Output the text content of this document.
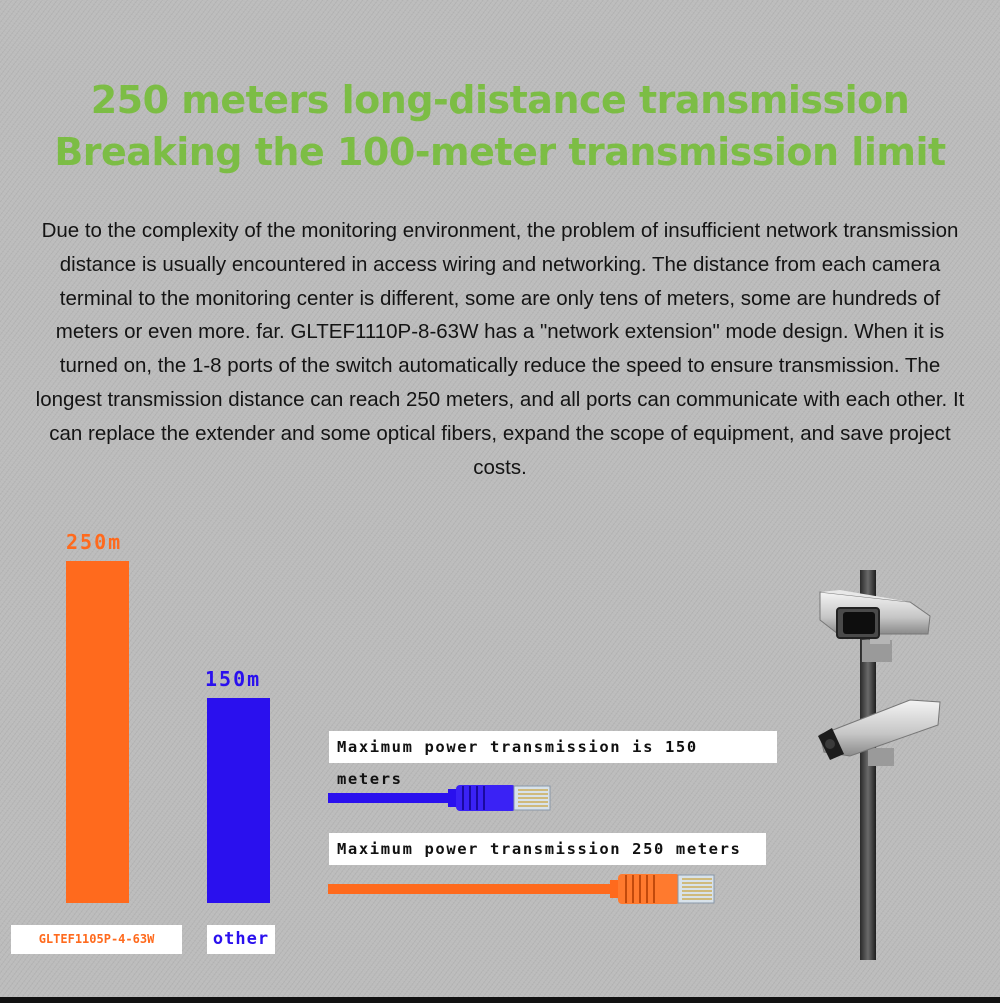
250 meters long-distance transmission
Breaking the 100-meter transmission limit
Due to the complexity of the monitoring environment, the problem of insufficient network transmission distance is usually encountered in access wiring and networking. The distance from each camera terminal to the monitoring center is different, some are only tens of meters, some are hundreds of meters or even more. far. GLTEF1110P-8-63W has a "network extension" mode design. When it is turned on, the 1-8 ports of the switch automatically reduce the speed to ensure transmission. The longest transmission distance can reach 250 meters, and all ports can communicate with each other. It can replace the extender and some optical fibers, expand the scope of equipment, and save project costs.
250m
GLTEF1105P-4-63W
150m
other
Maximum power transmission is 150 meters
Maximum power transmission 250 meters
